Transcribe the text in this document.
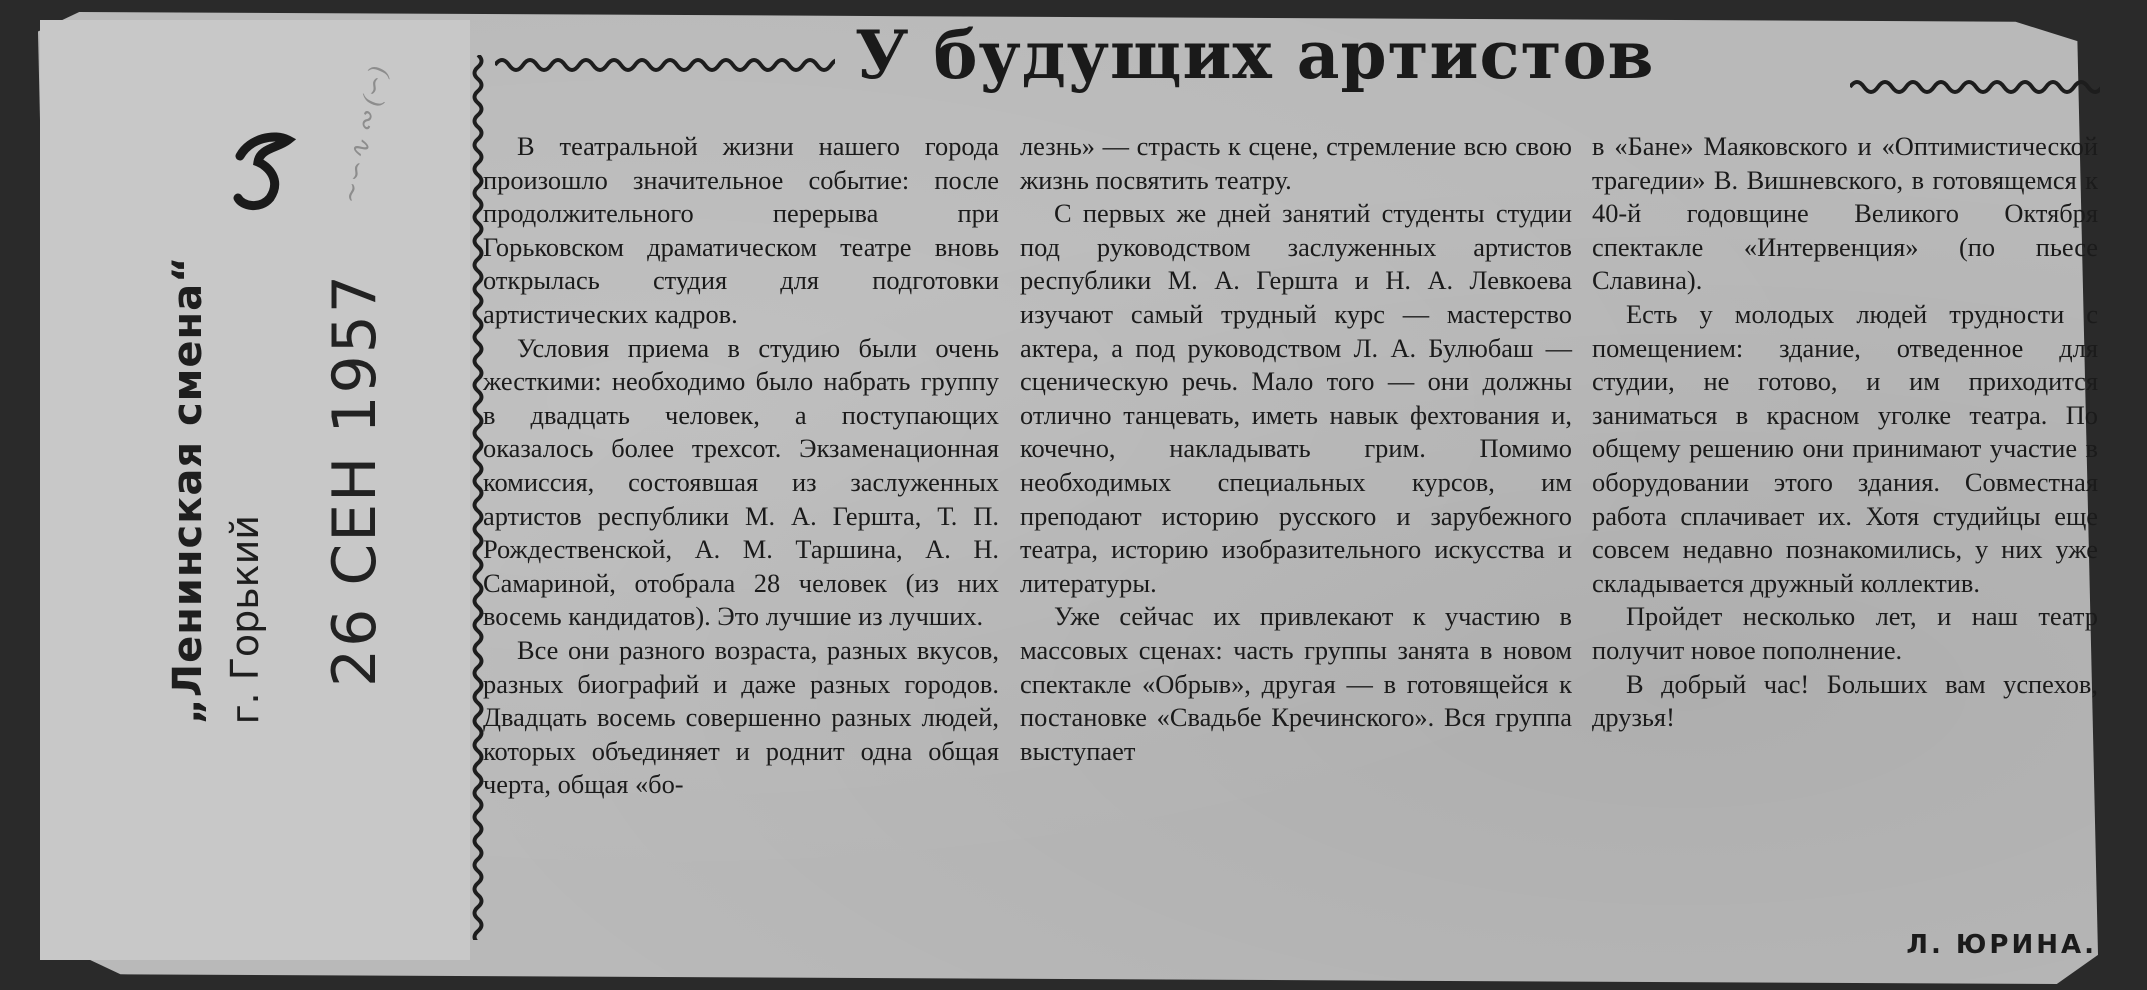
„Ленинская смена“ г. Горький 26 СЕН 1957
∼∽∿ ∾ (∽)
У будущих артистов

В театральной жизни нашего города произошло значительное событие: после продолжительного перерыва при Горьковском драматическом театре вновь открылась студия для подготовки артистических кадров.

Условия приема в студию были очень жесткими: необходимо было набрать группу в двадцать человек, а поступающих оказалось более трехсот. Экзаменационная комиссия, состоявшая из заслуженных артистов республики М. А. Гершта, Т. П. Рождественской, А. М. Таршина, А. Н. Самариной, отобрала 28 человек (из них восемь кандидатов). Это лучшие из лучших.

Все они разного возраста, разных вкусов, разных биографий и даже разных городов. Двадцать восемь совершенно разных людей, которых объединяет и роднит одна общая черта, общая «бо-

лезнь» — страсть к сцене, стремление всю свою жизнь посвятить театру.

С первых же дней занятий студенты студии под руководством заслуженных артистов республики М. А. Гершта и Н. А. Левкоева изучают самый трудный курс — мастерство актера, а под руководством Л. А. Булюбаш — сценическую речь. Мало того — они должны отлично танцевать, иметь навык фехтования и, кочечно, накладывать грим. Помимо необходимых специальных курсов, им преподают историю русского и зарубежного театра, историю изобразительного искусства и литературы.

Уже сейчас их привлекают к участию в массовых сценах: часть группы занята в новом спектакле «Обрыв», другая — в готовящейся к постановке «Свадьбе Кречинского». Вся группа выступает

в «Бане» Маяковского и «Оптимистической трагедии» В. Вишневского, в готовящемся к 40-й годовщине Великого Октября спектакле «Интервенция» (по пьесе Славина).

Есть у молодых людей трудности с помещением: здание, отведенное для студии, не готово, и им приходится заниматься в красном уголке театра. По общему решению они принимают участие в оборудовании этого здания. Совместная работа сплачивает их. Хотя студийцы еще совсем недавно познакомились, у них уже складывается дружный коллектив.

Пройдет несколько лет, и наш театр получит новое пополнение.

В добрый час! Больших вам успехов, друзья!

Л. ЮРИНА.
